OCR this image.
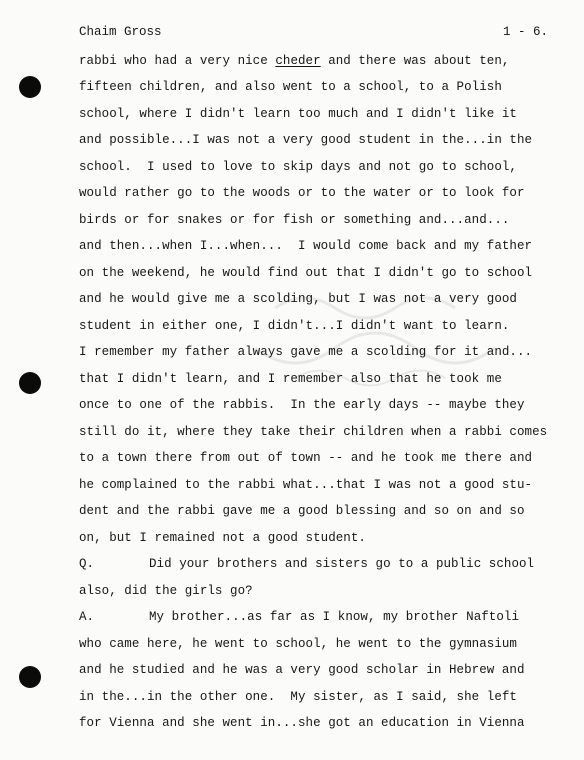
Chaim Gross	1 - 6.
rabbi who had a very nice cheder and there was about ten,
fifteen children, and also went to a school, to a Polish
school, where I didn't learn too much and I didn't like it
and possible...I was not a very good student in the...in the
school.  I used to love to skip days and not go to school,
would rather go to the woods or to the water or to look for
birds or for snakes or for fish or something and...and...
and then...when I...when...  I would come back and my father
on the weekend, he would find out that I didn't go to school
and he would give me a scolding, but I was not a very good
student in either one, I didn't...I didn't want to learn.
I remember my father always gave me a scolding for it and...
that I didn't learn, and I remember also that he took me
once to one of the rabbis.  In the early days -- maybe they
still do it, where they take their children when a rabbi comes
to a town there from out of town -- and he took me there and
he complained to the rabbi what...that I was not a good stu-
dent and the rabbi gave me a good blessing and so on and so
on, but I remained not a good student.
Q.	Did your brothers and sisters go to a public school
also, did the girls go?
A.	My brother...as far as I know, my brother Naftoli
who came here, he went to school, he went to the gymnasium
and he studied and he was a very good scholar in Hebrew and
in the...in the other one.  My sister, as I said, she left
for Vienna and she went in...she got an education in Vienna
